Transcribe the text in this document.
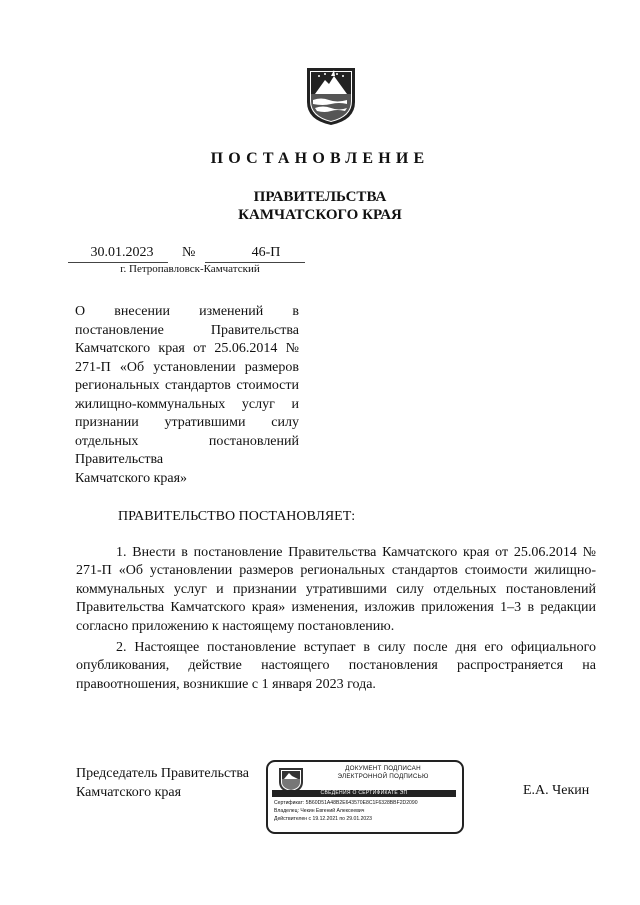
ПОСТАНОВЛЕНИЕ
ПРАВИТЕЛЬСТВА
КАМЧАТСКОГО КРАЯ
30.01.2023	№	46-П
г. Петропавловск-Камчатский
О внесении изменений в постановление Правительства Камчатского края от 25.06.2014 № 271-П «Об установлении размеров региональных стандартов стоимости жилищно-коммунальных услуг и признании утратившими силу отдельных постановлений Правительства
Камчатского края»
ПРАВИТЕЛЬСТВО ПОСТАНОВЛЯЕТ:

1. Внести в постановление Правительства Камчатского края от 25.06.2014 № 271-П «Об установлении размеров региональных стандартов стоимости жилищно-коммунальных услуг и признании утратившими силу отдельных постановлений Правительства Камчатского края» изменения, изложив приложения 1–3 в редакции согласно приложению к настоящему постановлению.

2. Настоящее постановление вступает в силу после дня его официального опубликования, действие настоящего постановления распространяется на правоотношения, возникшие с 1 января 2023 года.

Председатель Правительства
Камчатского края
ДОКУМЕНТ ПОДПИСАН
ЭЛЕКТРОННОЙ ПОДПИСЬЮ
СВЕДЕНИЯ О СЕРТИФИКАТЕ ЭП
Сертификат: 5B60D51A48B2E643570E8C1F6328BBF2D2090
Владелец: Чекин Евгений Алексеевич
Действителен с 19.12.2021 по 29.01.2023
Е.А. Чекин
